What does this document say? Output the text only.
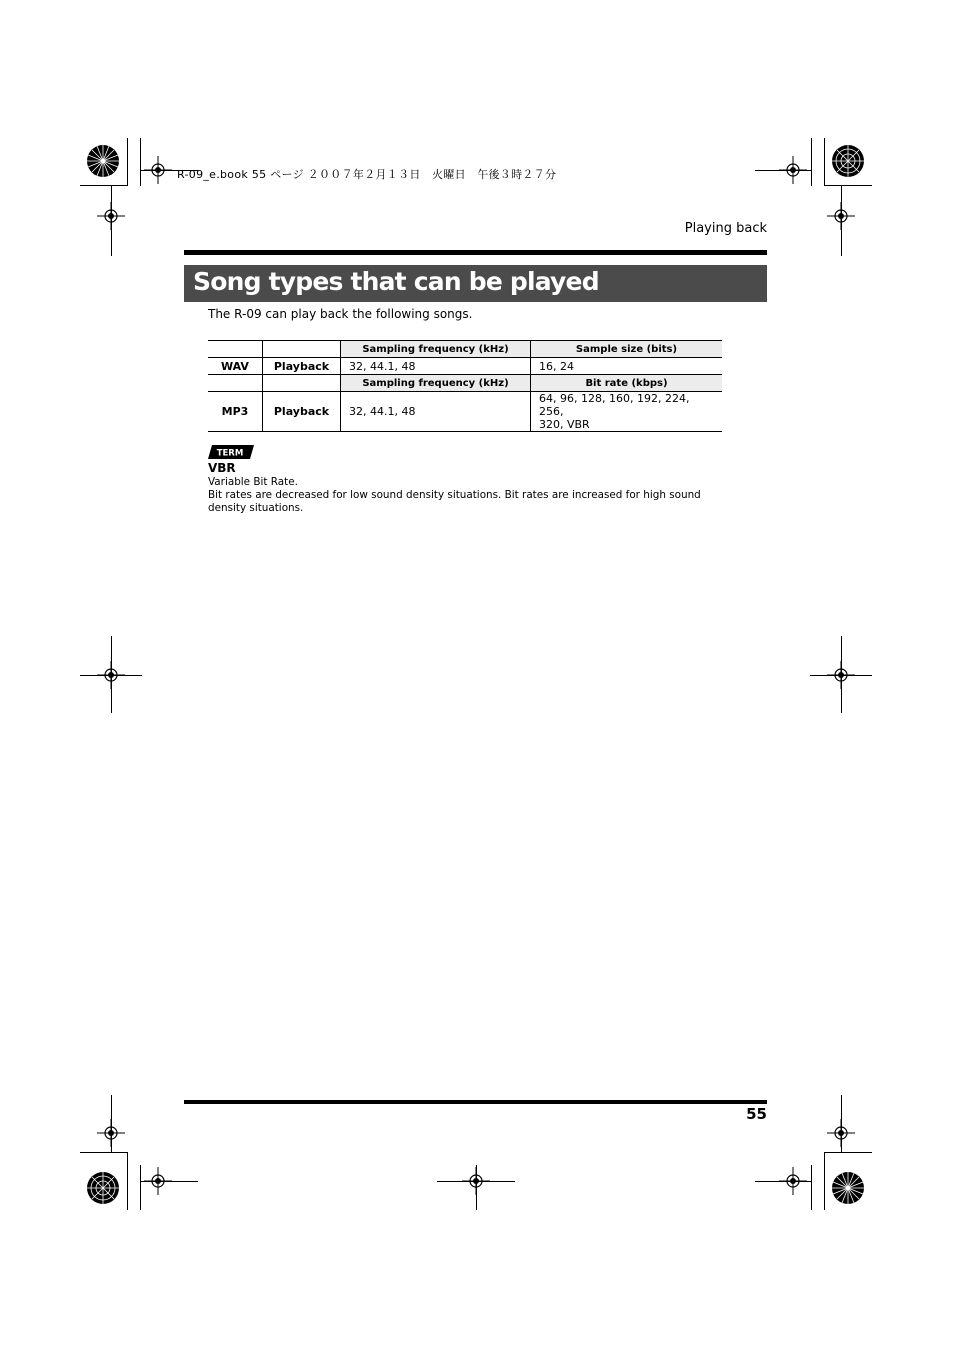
R-09_e.book 55 ページ ２００７年２月１３日　火曜日　午後３時２７分
Playing back
Song types that can be played
The R-09 can play back the following songs.
		Sampling frequency (kHz)	Sample size (bits)
WAV	Playback	32, 44.1, 48	16, 24
		Sampling frequency (kHz)	Bit rate (kbps)
MP3	Playback	32, 44.1, 48	64, 96, 128, 160, 192, 224, 256,
320, VBR
TERM
VBR
Variable Bit Rate.
Bit rates are decreased for low sound density situations. Bit rates are increased for high sound density situations.
55
